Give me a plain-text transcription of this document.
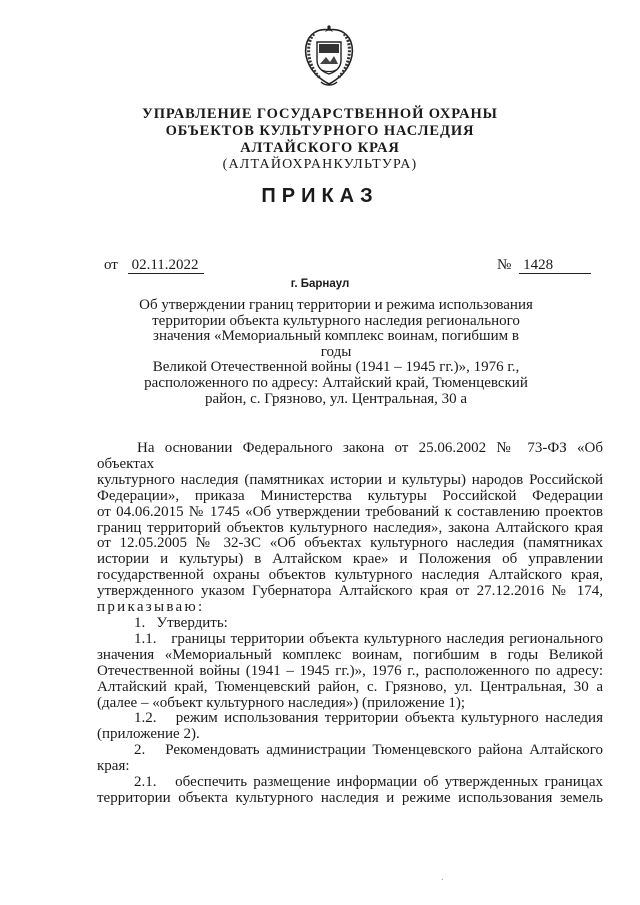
УПРАВЛЕНИЕ ГОСУДАРСТВЕННОЙ ОХРАНЫ
ОБЪЕКТОВ КУЛЬТУРНОГО НАСЛЕДИЯ
АЛТАЙСКОГО КРАЯ
(АЛТАЙОХРАНКУЛЬТУРА)
ПРИКАЗ
от 02.11.2022	№ 1428
г. Барнаул
Об утверждении границ территории и режима использования
территории объекта культурного наследия регионального
значения «Мемориальный комплекс воинам, погибшим в годы
Великой Отечественной войны (1941 – 1945 гг.)», 1976 г.,
расположенного по адресу: Алтайский край, Тюменцевский
район, с. Грязново, ул. Центральная, 30 а

На основании Федерального закона от 25.06.2002 № 73-ФЗ «Об объектах

культурного наследия (памятниках истории и культуры) народов Российской

Федерации», приказа Министерства культуры Российской Федерации

от 04.06.2015 № 1745 «Об утверждении требований к составлению проектов

границ территорий объектов культурного наследия», закона Алтайского края

от 12.05.2005 № 32-ЗС «Об объектах культурного наследия (памятниках

истории и культуры) в Алтайском крае» и Положения об управлении

государственной охраны объектов культурного наследия Алтайского края,

утвержденного указом Губернатора Алтайского края от 27.12.2016 № 174,

приказываю:

1.   Утвердить:

1.1.   границы территории объекта культурного наследия регионального

значения «Мемориальный комплекс воинам, погибшим в годы Великой

Отечественной войны (1941 – 1945 гг.)», 1976 г., расположенного по адресу:

Алтайский край, Тюменцевский район, с. Грязново, ул. Центральная, 30 а

(далее – «объект культурного наследия») (приложение 1);

1.2.   режим использования территории объекта культурного наследия

(приложение 2).

2.   Рекомендовать администрации Тюменцевского района Алтайского

края:

2.1.   обеспечить размещение информации об утвержденных границах

территории объекта культурного наследия и режиме использования земель

.
